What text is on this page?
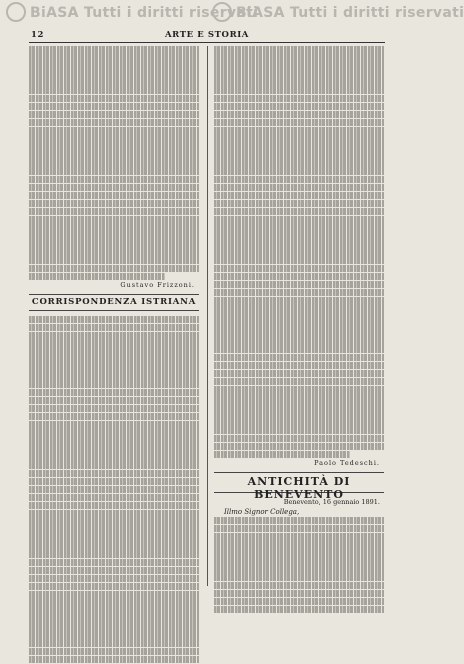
BiASA Tutti i diritti riservati
BiASA Tutti i diritti riservati
12	ARTE E STORIA
Gustavo Frizzoni.
CORRISPONDENZA ISTRIANA
Paolo Tedeschi.
ANTICHITÀ DI BENEVENTO
Benevento, 16 gennaio 1891.
Illmo Signor Collega,
